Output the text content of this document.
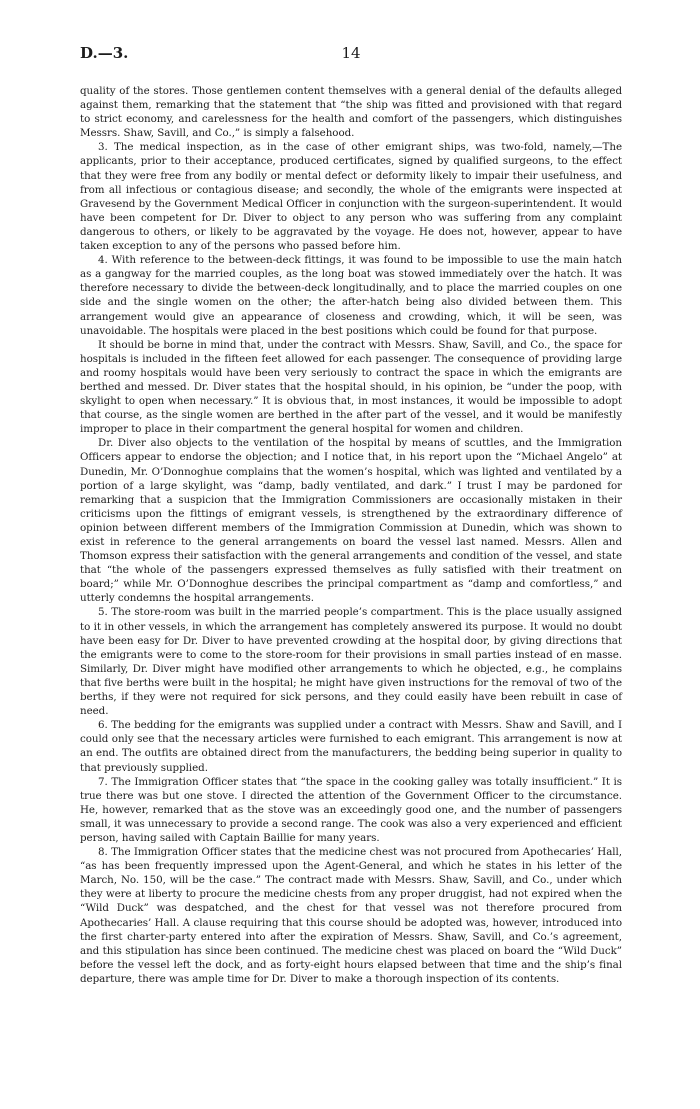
D.—3.	14

quality of the stores. Those gentlemen content themselves with a general denial of the defaults alleged against them, remarking that the statement that “the ship was fitted and provisioned with that regard to strict economy, and carelessness for the health and comfort of the passengers, which distinguishes Messrs. Shaw, Savill, and Co.,” is simply a falsehood.

3. The medical inspection, as in the case of other emigrant ships, was two-fold, namely,—The applicants, prior to their acceptance, produced certificates, signed by qualified surgeons, to the effect that they were free from any bodily or mental defect or deformity likely to impair their usefulness, and from all infectious or contagious disease; and secondly, the whole of the emigrants were inspected at Gravesend by the Government Medical Officer in conjunction with the surgeon-superintendent. It would have been competent for Dr. Diver to object to any person who was suffering from any complaint dangerous to others, or likely to be aggravated by the voyage. He does not, however, appear to have taken exception to any of the persons who passed before him.

4. With reference to the between-deck fittings, it was found to be impossible to use the main hatch as a gangway for the married couples, as the long boat was stowed immediately over the hatch. It was therefore necessary to divide the between-deck longitudinally, and to place the married couples on one side and the single women on the other; the after-hatch being also divided between them. This arrangement would give an appearance of closeness and crowding, which, it will be seen, was unavoidable. The hospitals were placed in the best positions which could be found for that purpose.

It should be borne in mind that, under the contract with Messrs. Shaw, Savill, and Co., the space for hospitals is included in the fifteen feet allowed for each passenger. The consequence of providing large and roomy hospitals would have been very seriously to contract the space in which the emigrants are berthed and messed. Dr. Diver states that the hospital should, in his opinion, be “under the poop, with skylight to open when necessary.” It is obvious that, in most instances, it would be impossible to adopt that course, as the single women are berthed in the after part of the vessel, and it would be manifestly improper to place in their compartment the general hospital for women and children.

Dr. Diver also objects to the ventilation of the hospital by means of scuttles, and the Immigration Officers appear to endorse the objection; and I notice that, in his report upon the “Michael Angelo” at Dunedin, Mr. O’Donnoghue complains that the women’s hospital, which was lighted and ventilated by a portion of a large skylight, was “damp, badly ventilated, and dark.” I trust I may be pardoned for remarking that a suspicion that the Immigration Commissioners are occasionally mistaken in their criticisms upon the fittings of emigrant vessels, is strengthened by the extraordinary difference of opinion between different members of the Immigration Commission at Dunedin, which was shown to exist in reference to the general arrangements on board the vessel last named. Messrs. Allen and Thomson express their satisfaction with the general arrangements and condition of the vessel, and state that “the whole of the passengers expressed themselves as fully satisfied with their treatment on board;” while Mr. O’Donnoghue describes the principal compartment as “damp and comfortless,” and utterly condemns the hospital arrangements.

5. The store-room was built in the married people’s compartment. This is the place usually assigned to it in other vessels, in which the arrangement has completely answered its purpose. It would no doubt have been easy for Dr. Diver to have prevented crowding at the hospital door, by giving directions that the emigrants were to come to the store-room for their provisions in small parties instead of en masse. Similarly, Dr. Diver might have modified other arrangements to which he objected, e.g., he complains that five berths were built in the hospital; he might have given instructions for the removal of two of the berths, if they were not required for sick persons, and they could easily have been rebuilt in case of need.

6. The bedding for the emigrants was supplied under a contract with Messrs. Shaw and Savill, and I could only see that the necessary articles were furnished to each emigrant. This arrangement is now at an end. The outfits are obtained direct from the manufacturers, the bedding being superior in quality to that previously supplied.

7. The Immigration Officer states that “the space in the cooking galley was totally insufficient.” It is true there was but one stove. I directed the attention of the Government Officer to the circumstance. He, however, remarked that as the stove was an exceedingly good one, and the number of passengers small, it was unnecessary to provide a second range. The cook was also a very experienced and efficient person, having sailed with Captain Baillie for many years.

8. The Immigration Officer states that the medicine chest was not procured from Apothecaries’ Hall, “as has been frequently impressed upon the Agent-General, and which he states in his letter of the March, No. 150, will be the case.” The contract made with Messrs. Shaw, Savill, and Co., under which they were at liberty to procure the medicine chests from any proper druggist, had not expired when the “Wild Duck” was despatched, and the chest for that vessel was not therefore procured from Apothecaries’ Hall. A clause requiring that this course should be adopted was, however, introduced into the first charter-party entered into after the expiration of Messrs. Shaw, Savill, and Co.’s agreement, and this stipulation has since been continued. The medicine chest was placed on board the “Wild Duck” before the vessel left the dock, and as forty-eight hours elapsed between that time and the ship’s final departure, there was ample time for Dr. Diver to make a thorough inspection of its contents.
